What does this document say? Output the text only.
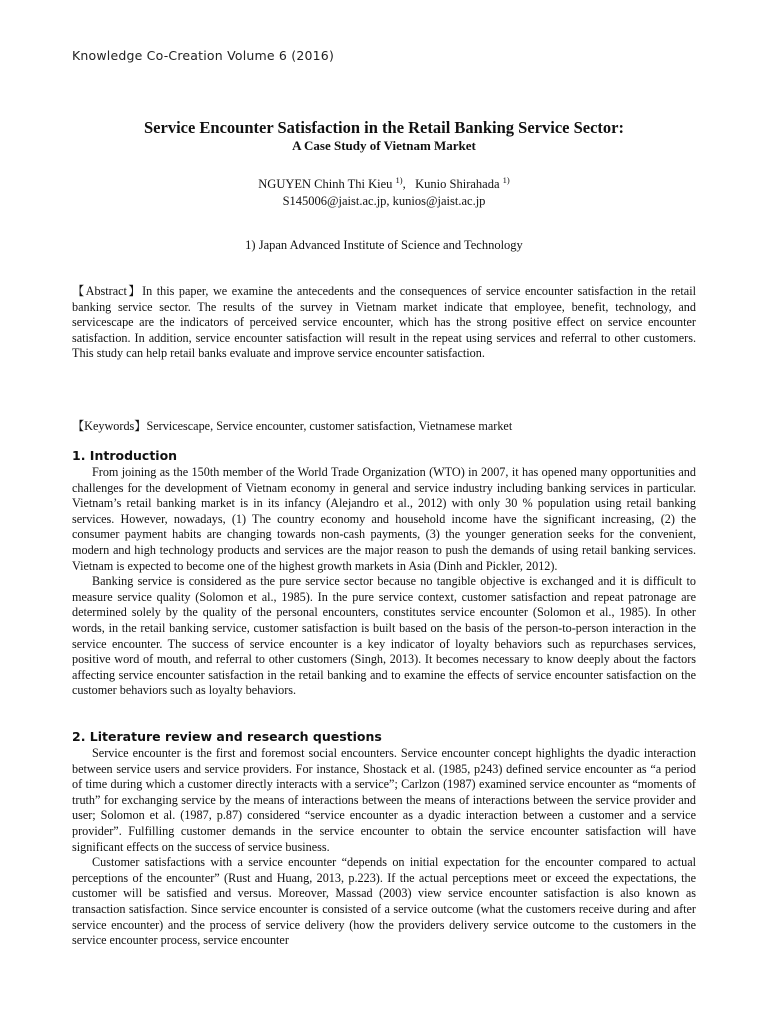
Knowledge Co-Creation Volume 6 (2016)

Service Encounter Satisfaction in the Retail Banking Service Sector:

A Case Study of Vietnam Market

NGUYEN Chinh Thi Kieu $^{1)}$, Kunio Shirahada $^{1)}$
S145006@jaist.ac.jp, kunios@jaist.ac.jp
1) Japan Advanced Institute of Science and Technology

【Abstract】In this paper, we examine the antecedents and the consequences of service encounter satisfaction in the retail banking service sector. The results of the survey in Vietnam market indicate that employee, benefit, technology, and servicescape are the indicators of perceived service encounter, which has the strong positive effect on service encounter satisfaction. In addition, service encounter satisfaction will result in the repeat using services and referral to other customers. This study can help retail banks evaluate and improve service encounter satisfaction.

【Keywords】Servicescape, Service encounter, customer satisfaction, Vietnamese market

1. Introduction

From joining as the 150th member of the World Trade Organization (WTO) in 2007, it has opened many opportunities and challenges for the development of Vietnam economy in general and service industry including banking services in particular. Vietnam’s retail banking market is in its infancy (Alejandro et al., 2012) with only 30 % population using retail banking services. However, nowadays, (1) The country economy and household income have the significant increasing, (2) the consumer payment habits are changing towards non-cash payments, (3) the younger generation seeks for the convenient, modern and high technology products and services are the major reason to push the demands of using retail banking services. Vietnam is expected to become one of the highest growth markets in Asia (Dinh and Pickler, 2012).

Banking service is considered as the pure service sector because no tangible objective is exchanged and it is difficult to measure service quality (Solomon et al., 1985). In the pure service context, customer satisfaction and repeat patronage are determined solely by the quality of the personal encounters, constitutes service encounter (Solomon et al., 1985). In other words, in the retail banking service, customer satisfaction is built based on the basis of the person-to-person interaction in the service encounter. The success of service encounter is a key indicator of loyalty behaviors such as repurchases services, positive word of mouth, and referral to other customers (Singh, 2013). It becomes necessary to know deeply about the factors affecting service encounter satisfaction in the retail banking and to examine the effects of service encounter satisfaction on the customer behaviors such as loyalty behaviors.

2. Literature review and research questions

Service encounter is the first and foremost social encounters. Service encounter concept highlights the dyadic interaction between service users and service providers. For instance, Shostack et al. (1985, p243) defined service encounter as “a period of time during which a customer directly interacts with a service”; Carlzon (1987) examined service encounter as “moments of truth” for exchanging service by the means of interactions between the means of interactions between the service provider and user; Solomon et al. (1987, p.87) considered “service encounter as a dyadic interaction between a customer and a service provider”. Fulfilling customer demands in the service encounter to obtain the service encounter satisfaction will have significant effects on the success of service business.

Customer satisfactions with a service encounter “depends on initial expectation for the encounter compared to actual perceptions of the encounter” (Rust and Huang, 2013, p.223). If the actual perceptions meet or exceed the expectations, the customer will be satisfied and versus. Moreover, Massad (2003) view service encounter satisfaction is also known as transaction satisfaction. Since service encounter is consisted of a service outcome (what the customers receive during and after service encounter) and the process of service delivery (how the providers delivery service outcome to the customers in the service encounter process, service encounter
